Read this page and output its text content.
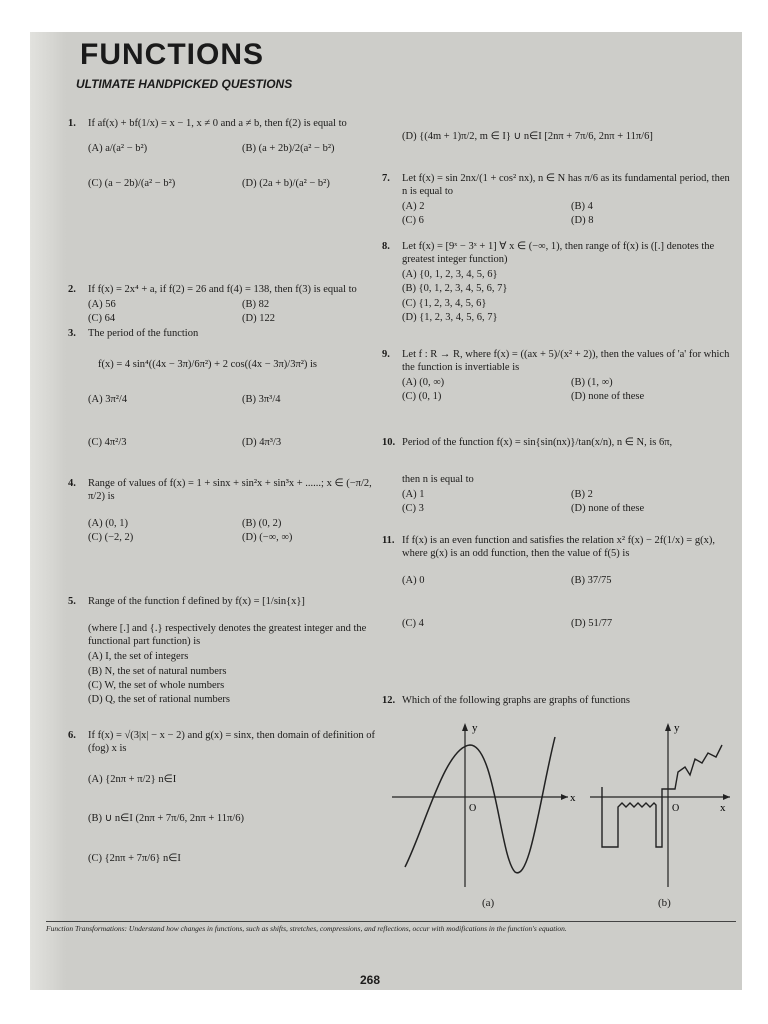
FUNCTIONS
ULTIMATE HANDPICKED QUESTIONS
1. If af(x) + bf(1/x) = x − 1, x ≠ 0 and a ≠ b, then f(2) is equal to

(A) a/(a² − b²)	(B) (a + 2b)/2(a² − b²)
(C) (a − 2b)/(a² − b²)	(D) (2a + b)/(a² − b²)
2. If f(x) = 2x⁴ + a, if f(2) = 26 and f(4) = 138, then f(3) is equal to

(A) 56	(B) 82
(C) 64	(D) 122
3. The period of the function

f(x) = 4 sin⁴((4x − 3π)/6π²) + 2 cos((4x − 3π)/3π²) is

(A) 3π²/4	(B) 3π³/4
(C) 4π²/3	(D) 4π³/3
4. Range of values of f(x) = 1 + sinx + sin²x + sin³x + ......; x ∈ (−π/2, π/2) is

(A) (0, 1)	(B) (0, 2)
(C) (−2, 2)	(D) (−∞, ∞)
5. Range of the function f defined by f(x) = [1/sin{x}]

(where [.] and {.} respectively denotes the greatest integer and the functional part function) is

(A) I, the set of integers
(B) N, the set of natural numbers
(C) W, the set of whole numbers
(D) Q, the set of rational numbers
6. If f(x) = √(3|x| − x − 2) and g(x) = sinx, then domain of definition of (fog) x is

(A) {2nπ + π/2} n∈I
(B) ∪ n∈I (2nπ + 7π/6, 2nπ + 11π/6)
(C) {2nπ + 7π/6} n∈I
(D) {(4m + 1)π/2, m ∈ I} ∪ n∈I [2nπ + 7π/6, 2nπ + 11π/6]
7. Let f(x) = sin 2nx/(1 + cos² nx), n ∈ N has π/6 as its fundamental period, then n is equal to

(A) 2	(B) 4
(C) 6	(D) 8
8. Let f(x) = [9ˣ − 3ˣ + 1] ∀ x ∈ (−∞, 1), then range of f(x) is ([.] denotes the greatest integer function)

(A) {0, 1, 2, 3, 4, 5, 6}
(B) {0, 1, 2, 3, 4, 5, 6, 7}
(C) {1, 2, 3, 4, 5, 6}
(D) {1, 2, 3, 4, 5, 6, 7}
9. Let f : R → R, where f(x) = ((ax + 5)/(x² + 2)), then the values of 'a' for which the function is invertiable is

(A) (0, ∞)	(B) (1, ∞)
(C) (0, 1)	(D) none of these
10. Period of the function f(x) = sin{sin(nx)}/tan(x/n), n ∈ N, is 6π,

then n is equal to

(A) 1	(B) 2
(C) 3	(D) none of these
11. If f(x) is an even function and satisfies the relation x² f(x) − 2f(1/x) = g(x), where g(x) is an odd function, then the value of f(5) is

(A) 0	(B) 37/75
(C) 4	(D) 51/77
12. Which of the following graphs are graphs of functions

y
x
O
y
x
O
(a)	(b)
Function Transformations: Understand how changes in functions, such as shifts, stretches, compressions, and reflections, occur with modifications in the function's equation.
268
